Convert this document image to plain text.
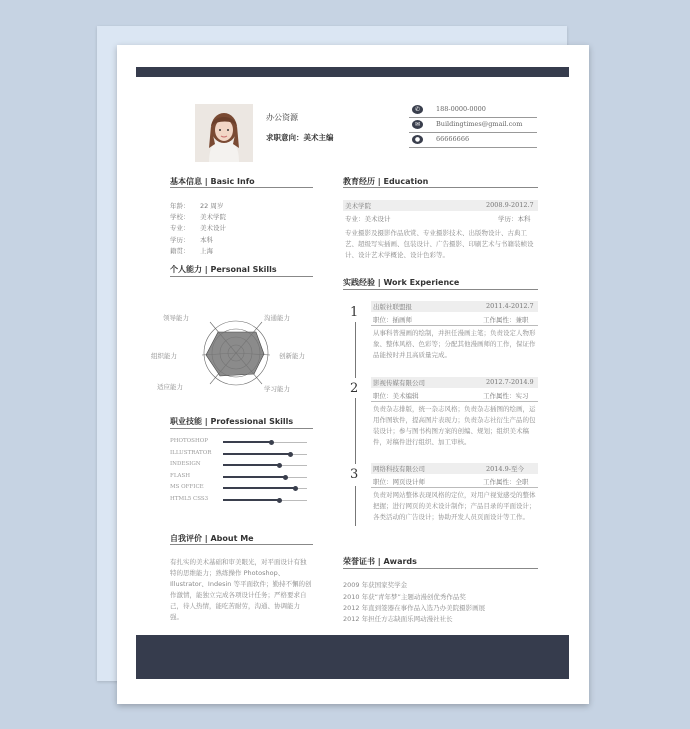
办公资源
求职意向：美术主编
✆	188-0000-0000
✉	Buildingtimes@gmail.com
●	66666666
基本信息 | Basic Info
年龄： 22 周岁
学校： 美术学院
专业： 美术设计
学历： 本科
籍贯： 上海
个人能力 | Personal Skills
领导能力	沟通能力
创新能力
学习能力
适应能力
组织能力
职业技能 | Professional Skills
PHOTOSHOP
ILLUSTRATOR
INDESIGN
FLASH
MS OFFICE
HTML5 CSS3
自我评价 | About Me
有扎实的美术基础和审美眼光，对平面设计有独特的思维能力；熟练操作 Photoshop、Illustrator、Indesin 等平面软件；勤持不懈的创作激情，能独立完成各项设计任务；严格要求自己，待人热情，能吃苦耐劳，沟通、协调能力强。
教育经历 | Education
美术学院	2008.9-2012.7
专业：美术设计	学历：本科
专业摄影及摄影作品欣赏、专业摄影技术、出版物设计、古典工艺、超级写实插画、包装设计、广告摄影、印刷艺术与书籍装帧设计、设计艺术学概论、设计色彩等。
实践经验 | Work Experience
1 出版社联盟报	2011.4-2012.7
职位：插画师	工作属性：兼职
从事科普漫画的绘制，并担任漫画主笔；负责设定人物形象、整体风格、色彩等；分配其他漫画师的工作，保证作品能按时并且高质量完成。
2 影视传媒有限公司	2012.7-2014.9
职位：美术编辑	工作属性：实习
负责杂志排版，统一杂志风格；负责杂志插图的绘画，运用作图软件，提高图片表现力；负责杂志社衍生产品的包装设计；参与图书构图方案的创编、规划；组织美术稿件，对稿件进行组织、加工审核。
3 网络科技有限公司	2014.9-至今
职位：网页设计师	工作属性：全职
负责对网站整体表现风格的定位，对用户视觉感受的整体把握；进行网页的美术设计制作；产品目录的平面设计；各类活动的广告设计；协助开发人员页面设计等工作。
荣誉证书 | Awards
2009 年获国家奖学金
2010 年获“青年梦”主题动漫创优秀作品奖
2012 年直到签器在事作品入选乃办美院摄影画展
2012 年担任方志缺面乐网动漫社社长
